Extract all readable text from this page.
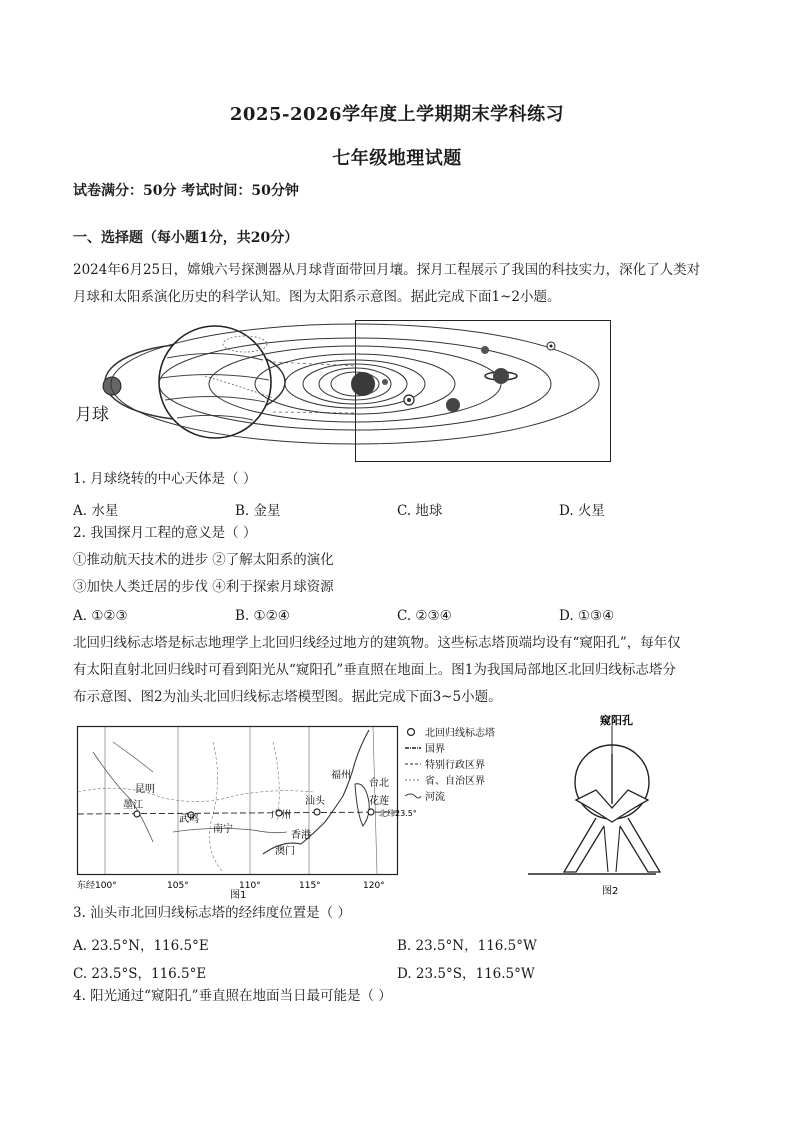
2025-2026学年度上学期期末学科练习
七年级地理试题
试卷满分：50分 考试时间：50分钟
一、选择题（每小题1分，共20分）
2024年6月25日，嫦娥六号探测器从月球背面带回月壤。探月工程展示了我国的科技实力，深化了人类对
月球和太阳系演化历史的科学认知。图为太阳系示意图。据此完成下面1~2小题。
月球
1. 月球绕转的中心天体是（ ）
A. 水星	B. 金星	C. 地球	D. 火星
2. 我国探月工程的意义是（ ）
①推动航天技术的进步 ②了解太阳系的演化
③加快人类迁居的步伐 ④利于探索月球资源
A. ①②③	B. ①②④	C. ②③④	D. ①③④
北回归线标志塔是标志地理学上北回归线经过地方的建筑物。这些标志塔顶端均设有“窥阳孔”，每年仅
有太阳直射北回归线时可看到阳光从“窥阳孔”垂直照在地面上。图1为我国局部地区北回归线标志塔分
布示意图、图2为汕头北回归线标志塔模型图。据此完成下面3~5小题。
昆明
墨江
武鸣
南宁
广州
汕头
香港
澳门
福州
台北
花莲
北纬23.5°
东经100°	105°	110°	115°	120°
图1
北回归线标志塔
国界
特别行政区界
省、自治区界
河流
窥阳孔
图2
3. 汕头市北回归线标志塔的经纬度位置是（ ）
A. 23.5°N，116.5°E	B. 23.5°N，116.5°W
C. 23.5°S，116.5°E	D. 23.5°S，116.5°W
4. 阳光通过“窥阳孔”垂直照在地面当日最可能是（ ）
